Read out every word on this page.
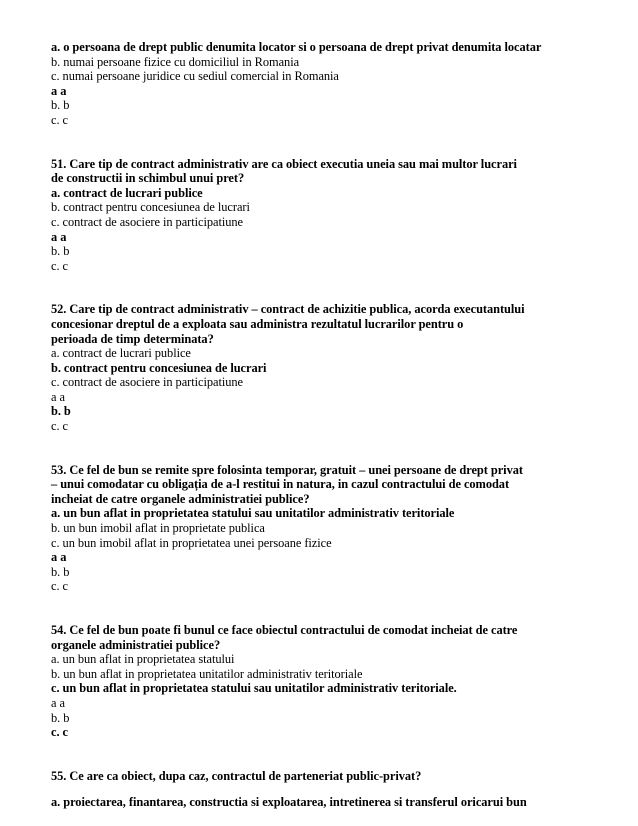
a. o persoana de drept public denumita locator si o persoana de drept privat denumita locatar
b. numai persoane fizice cu domiciliul in Romania
c. numai persoane juridice cu sediul comercial in Romania
a a
b. b
c. c
51. Care tip de contract administrativ are ca obiect executia uneia sau mai multor lucrari
de constructii in schimbul unui pret?
a. contract de lucrari publice
b. contract pentru concesiunea de lucrari
c. contract de asociere in participatiune
a a
b. b
c. c
52. Care tip de contract administrativ – contract de achizitie publica, acorda executantului
concesionar dreptul de a exploata sau administra rezultatul lucrarilor pentru o
perioada de timp determinata?
a. contract de lucrari publice
b. contract pentru concesiunea de lucrari
c. contract de asociere in participatiune
a a
b. b
c. c
53. Ce fel de bun se remite spre folosinta temporar, gratuit – unei persoane de drept privat
– unui comodatar cu obligația de a-l restitui in natura, in cazul contractului de comodat
incheiat de catre organele administratiei publice?
a. un bun aflat in proprietatea statului sau unitatilor administrativ teritoriale
b. un bun imobil aflat in proprietate publica
c. un bun imobil aflat in proprietatea unei persoane fizice
a a
b. b
c. c
54. Ce fel de bun poate fi bunul ce face obiectul contractului de comodat incheiat de catre
organele administratiei publice?
a. un bun aflat in proprietatea statului
b. un bun aflat in proprietatea unitatilor administrativ teritoriale
c. un bun aflat in proprietatea statului sau unitatilor administrativ teritoriale.
a a
b. b
c. c
55. Ce are ca obiect, dupa caz, contractul de parteneriat public-privat?
a. proiectarea, finantarea, constructia si exploatarea, intretinerea si transferul oricarui bun
